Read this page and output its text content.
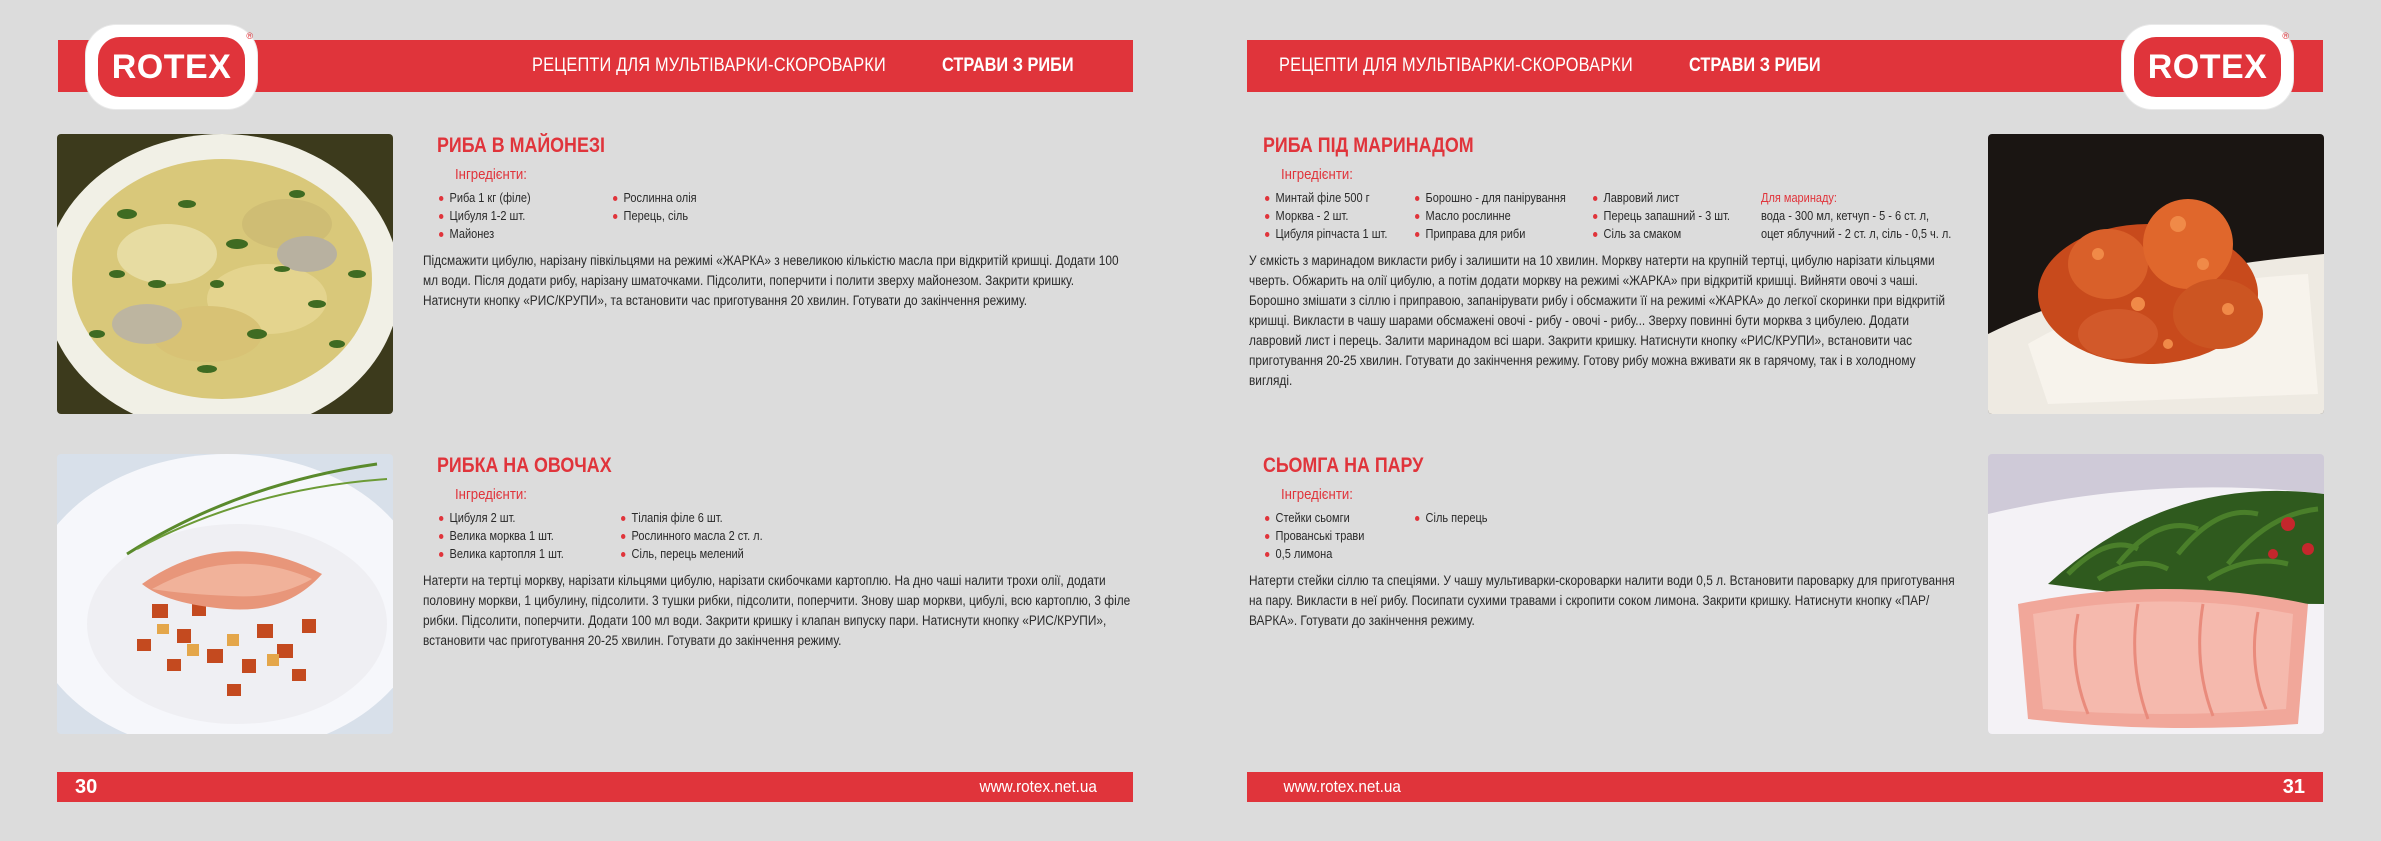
РЕЦЕПТИ ДЛЯ МУЛЬТІВАРКИ-СКОРОВАРКИ	СТРАВИ З РИБИ
ROTEX
®
РИБА В МАЙОНЕЗІ
Інгредієнти:
Риба 1 кг (філе)
Цибуля 1-2 шт.
Майонез
Рослинна олія
Перець, сіль

Підсмажити цибулю, нарізану півкільцями на режимі «ЖАРКА» з невеликою кількістю масла при відкритій кришці. Додати 100 мл води. Після додати рибу, нарізану шматочками. Підсолити, поперчити і полити зверху майонезом. Закрити кришку. Натиснути кнопку «РИС/КРУПИ», та встановити час приготування 20 хвилин. Готувати до закінчення режиму.

РИБКА НА ОВОЧАХ
Інгредієнти:
Цибуля 2 шт.
Велика морква 1 шт.
Велика картопля 1 шт.
Тілапія філе 6 шт.
Рослинного масла 2 ст. л.
Сіль, перець мелений

Натерти на тертці моркву, нарізати кільцями цибулю, нарізати скибочками картоплю. На дно чаші налити трохи олії, додати половину моркви, 1 цибулину, підсолити. 3 тушки рибки, підсолити, поперчити. Знову шар моркви, цибулі, всю картоплю, 3 філе рибки. Підсолити, поперчити. Додати 100 мл води. Закрити кришку і клапан випуску пари. Натиснути кнопку «РИС/КРУПИ», встановити час приготування 20-25 хвилин. Готувати до закінчення режиму.

30	www.rotex.net.ua
РЕЦЕПТИ ДЛЯ МУЛЬТІВАРКИ-СКОРОВАРКИ	СТРАВИ З РИБИ	ROTEX
®
РИБА ПІД МАРИНАДОМ
Інгредієнти:
Минтай філе 500 г
Морква - 2 шт.
Цибуля ріпчаста 1 шт.
Борошно - для панірування
Масло рослинне
Приправа для риби
Лавровий лист
Перець запашний - 3 шт.
Сіль за смаком
Для маринаду:
вода - 300 мл, кетчуп - 5 - 6 ст. л,
оцет яблучний - 2 ст. л, сіль - 0,5 ч. л.

У ємкість з маринадом викласти рибу і залишити на 10 хвилин. Моркву натерти на крупній тертці, цибулю нарізати кільцями чверть. Обжарить на олії цибулю, а потім додати моркву на режимі «ЖАРКА» при відкритій кришці. Вийняти овочі з чаші. Борошно змішати з сіллю і приправою, запанірувати рибу і обсмажити її на режимі «ЖАРКА» до легкої скоринки при відкритій кришці. Викласти в чашу шарами обсмажені овочі - рибу - овочі - рибу... Зверху повинні бути морква з цибулею. Додати лавровий лист і перець. Залити маринадом всі шари. Закрити кришку. Натиснути кнопку «РИС/КРУПИ», встановити час приготування 20-25 хвилин. Готувати до закінчення режиму. Готову рибу можна вживати як в гарячому, так і в холодному вигляді.

СЬОМГА НА ПАРУ
Інгредієнти:
Стейки сьомги
Прованські трави
0,5 лимона
Сіль перець

Натерти стейки сіллю та спеціями. У чашу мультиварки-скороварки налити води 0,5 л. Встановити пароварку для приготування на пару. Викласти в неї рибу. Посипати сухими травами і скропити соком лимона. Закрити кришку. Натиснути кнопку «ПАР/ВАРКА». Готувати до закінчення режиму.

www.rotex.net.ua	31
